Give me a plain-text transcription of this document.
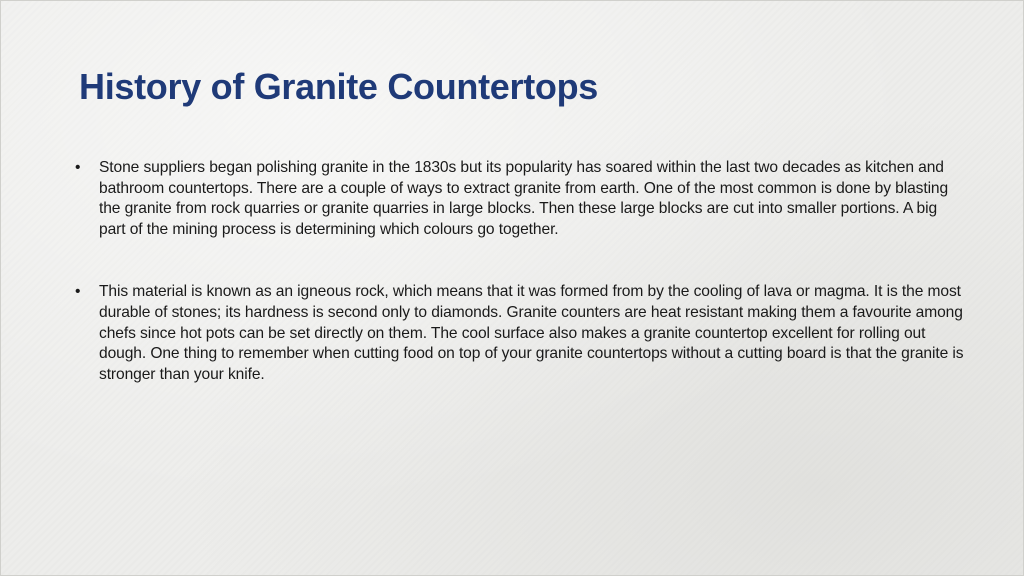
History of Granite Countertops
•	Stone suppliers began polishing granite in the 1830s but its popularity has soared within the last two decades as kitchen and bathroom countertops. There are a couple of ways to extract granite from earth. One of the most common is done by blasting the granite from rock quarries or granite quarries in large blocks. Then these large blocks are cut into smaller portions. A big part of the mining process is determining which colours go together.
•	This material is known as an igneous rock, which means that it was formed from by the cooling of lava or magma. It is the most durable of stones; its hardness is second only to diamonds. Granite counters are heat resistant making them a favourite among chefs since hot pots can be set directly on them. The cool surface also makes a granite countertop excellent for rolling out dough. One thing to remember when cutting food on top of your granite countertops without a cutting board is that the granite is stronger than your knife.
